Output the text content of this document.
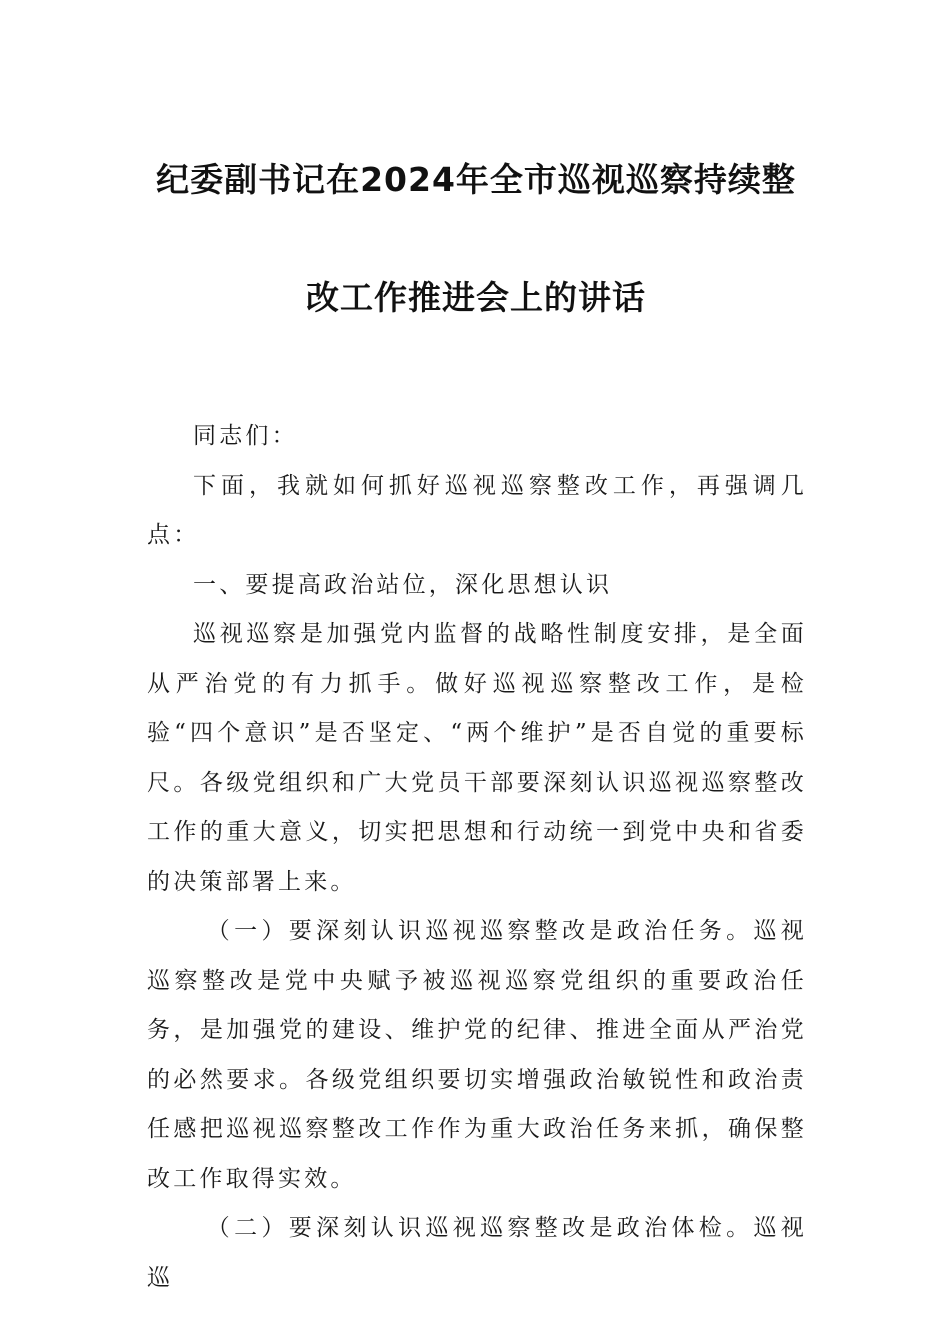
纪委副书记在2024年全市巡视巡察持续整
改工作推进会上的讲话

同志们：

下面，我就如何抓好巡视巡察整改工作，再强调几点：

一、要提高政治站位，深化思想认识

巡视巡察是加强党内监督的战略性制度安排，是全面从严治党的有力抓手。做好巡视巡察整改工作，是检验“四个意识”是否坚定、“两个维护”是否自觉的重要标尺。各级党组织和广大党员干部要深刻认识巡视巡察整改工作的重大意义，切实把思想和行动统一到党中央和省委的决策部署上来。

（一）要深刻认识巡视巡察整改是政治任务。巡视巡察整改是党中央赋予被巡视巡察党组织的重要政治任务，是加强党的建设、维护党的纪律、推进全面从严治党的必然要求。各级党组织要切实增强政治敏锐性和政治责任感把巡视巡察整改工作作为重大政治任务来抓，确保整改工作取得实效。

（二）要深刻认识巡视巡察整改是政治体检。巡视巡
